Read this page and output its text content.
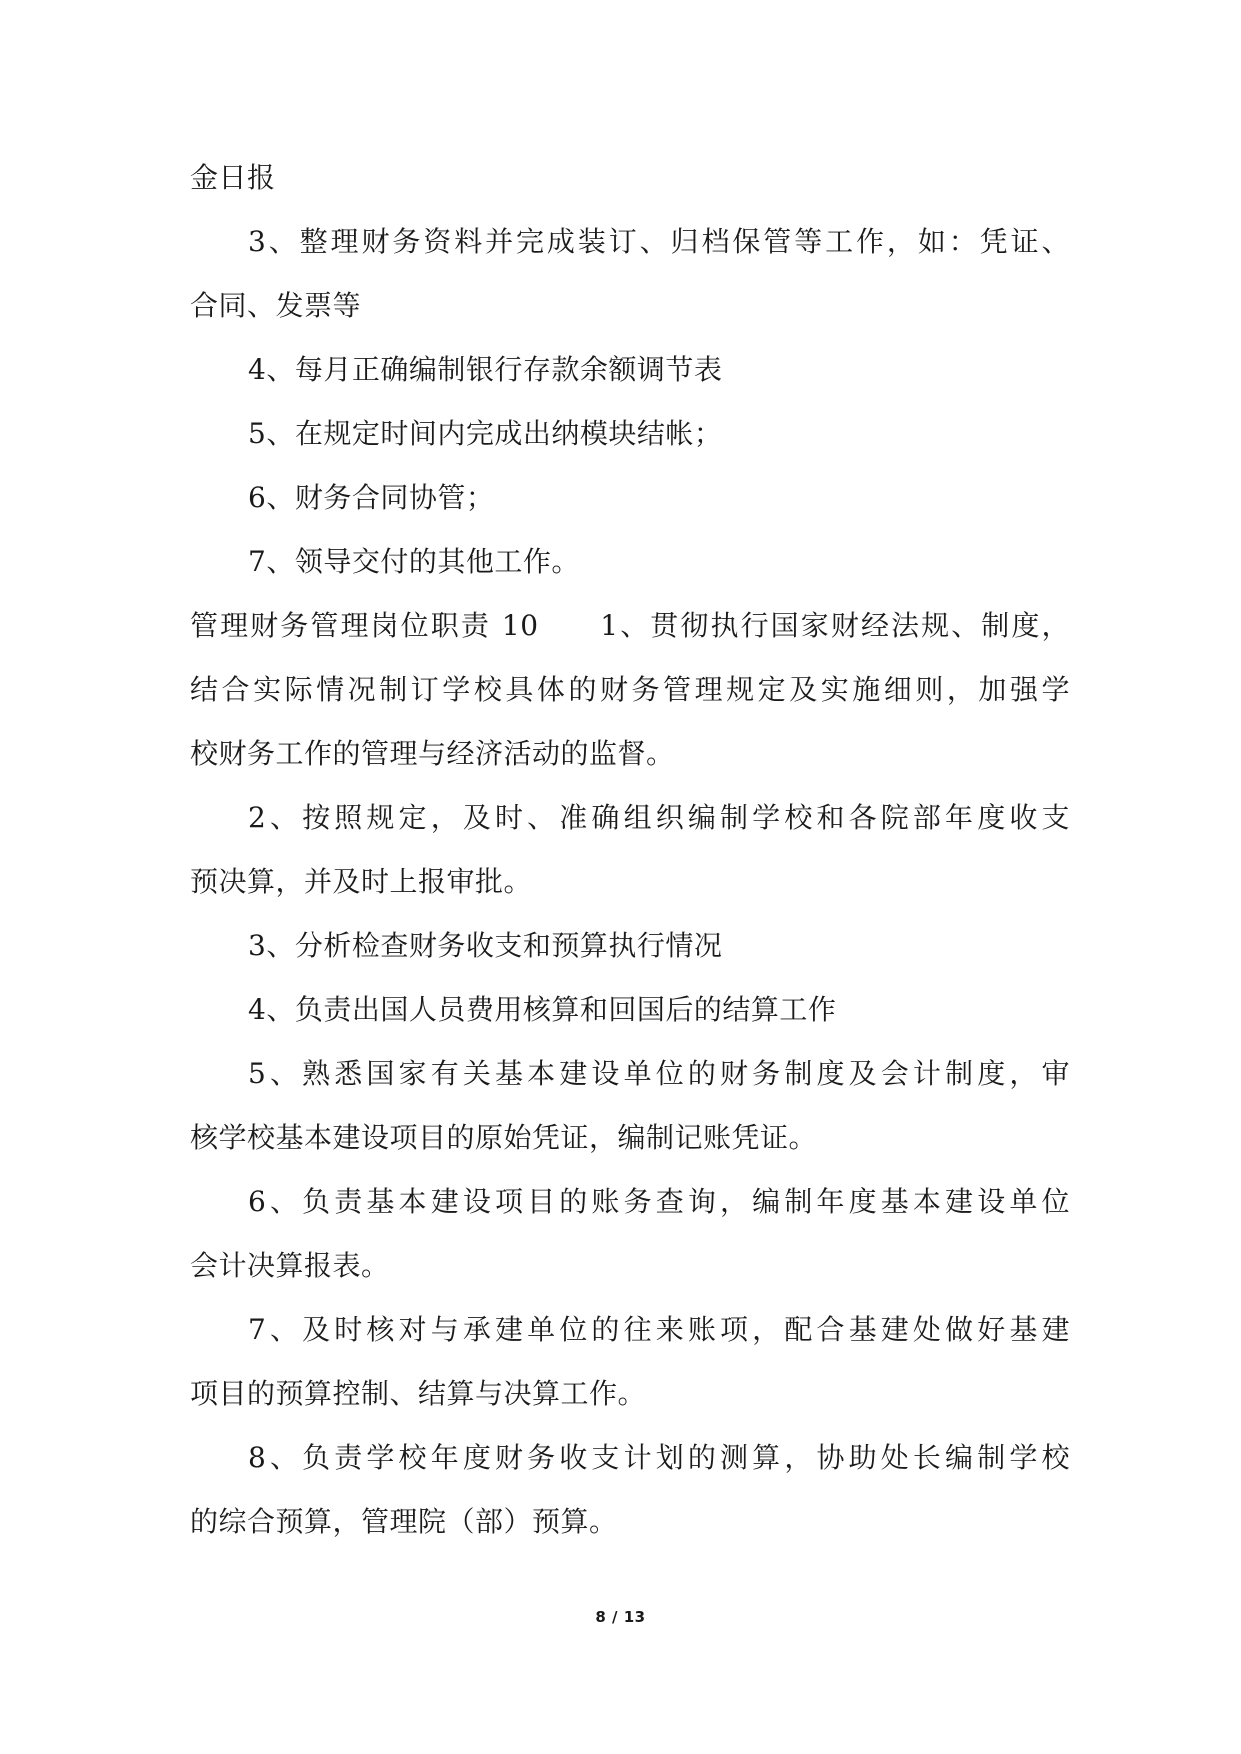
金日报
3、整理财务资料并完成装订、归档保管等工作，如：凭证、
合同、发票等
4、每月正确编制银行存款余额调节表
5、在规定时间内完成出纳模块结帐；
6、财务合同协管；
7、领导交付的其他工作。
管理财务管理岗位职责 10　　1、贯彻执行国家财经法规、制度，
结合实际情况制订学校具体的财务管理规定及实施细则，加强学
校财务工作的管理与经济活动的监督。
2、按照规定，及时、准确组织编制学校和各院部年度收支
预决算，并及时上报审批。
3、分析检查财务收支和预算执行情况
4、负责出国人员费用核算和回国后的结算工作
5、熟悉国家有关基本建设单位的财务制度及会计制度，审
核学校基本建设项目的原始凭证，编制记账凭证。
6、负责基本建设项目的账务查询，编制年度基本建设单位
会计决算报表。
7、及时核对与承建单位的往来账项，配合基建处做好基建
项目的预算控制、结算与决算工作。
8、负责学校年度财务收支计划的测算，协助处长编制学校
的综合预算，管理院（部）预算。
8 / 13
